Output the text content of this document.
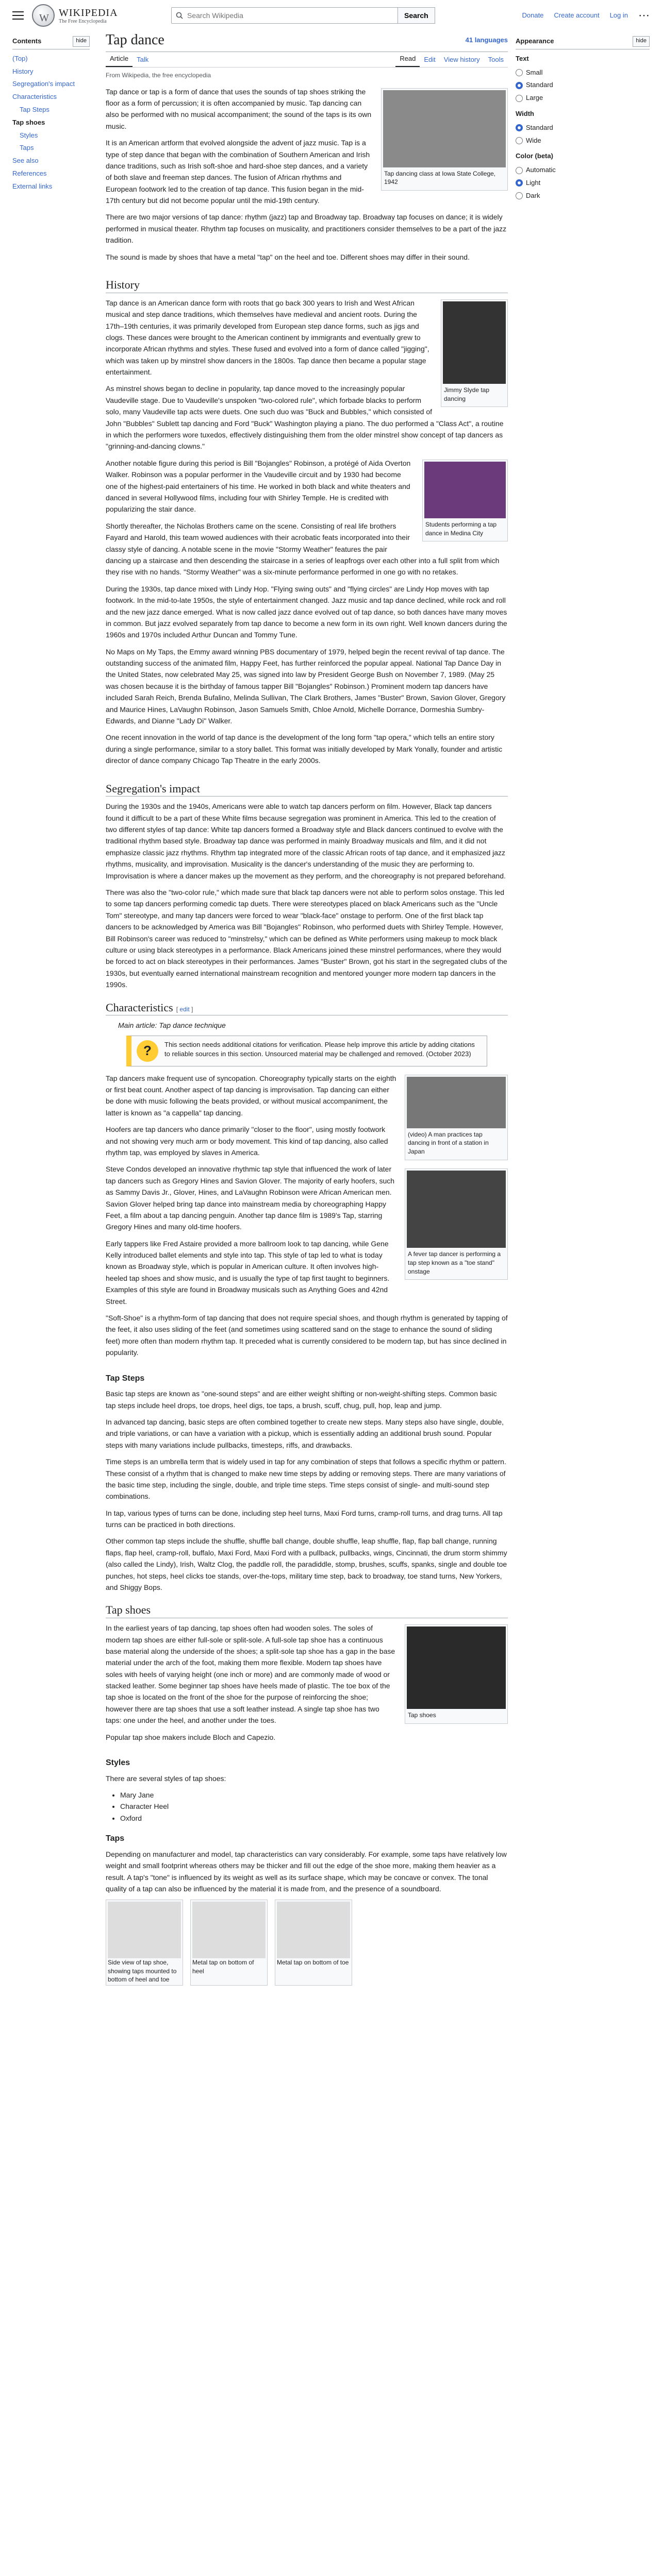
W
WIKIPEDIA
The Free Encyclopedia
Search Wikipedia
Search	Donate Create account Log in ⋯
Contents	hide
(Top)
History
Segregation's impact
Characteristics
Tap Steps
Tap shoes
Styles
Taps
See also
References
External links
Tap dance	41 languages
Article	Talk	Read	Edit	View history	Tools
From Wikipedia, the free encyclopedia
Tap dancing class at Iowa State College, 1942

Tap dance or tap is a form of dance that uses the sounds of tap shoes striking the floor as a form of percussion; it is often accompanied by music. Tap dancing can also be performed with no musical accompaniment; the sound of the taps is its own music.

It is an American artform that evolved alongside the advent of jazz music. Tap is a type of step dance that began with the combination of Southern American and Irish dance traditions, such as Irish soft-shoe and hard-shoe step dances, and a variety of both slave and freeman step dances. The fusion of African rhythms and European footwork led to the creation of tap dance. This fusion began in the mid-17th century but did not become popular until the mid-19th century.

There are two major versions of tap dance: rhythm (jazz) tap and Broadway tap. Broadway tap focuses on dance; it is widely performed in musical theater. Rhythm tap focuses on musicality, and practitioners consider themselves to be a part of the jazz tradition.

The sound is made by shoes that have a metal "tap" on the heel and toe. Different shoes may differ in their sound.

History
Jimmy Slyde tap dancing

Tap dance is an American dance form with roots that go back 300 years to Irish and West African musical and step dance traditions, which themselves have medieval and ancient roots. During the 17th–19th centuries, it was primarily developed from European step dance forms, such as jigs and clogs. These dances were brought to the American continent by immigrants and eventually grew to incorporate African rhythms and styles. These fused and evolved into a form of dance called "jigging", which was taken up by minstrel show dancers in the 1800s. Tap dance then became a popular stage entertainment.

As minstrel shows began to decline in popularity, tap dance moved to the increasingly popular Vaudeville stage. Due to Vaudeville's unspoken "two-colored rule", which forbade blacks to perform solo, many Vaudeville tap acts were duets. One such duo was "Buck and Bubbles," which consisted of John "Bubbles" Sublett tap dancing and Ford "Buck" Washington playing a piano. The duo performed a "Class Act", a routine in which the performers wore tuxedos, effectively distinguishing them from the older minstrel show concept of tap dancers as "grinning-and-dancing clowns."

Students performing a tap dance in Medina City

Another notable figure during this period is Bill "Bojangles" Robinson, a protégé of Aida Overton Walker. Robinson was a popular performer in the Vaudeville circuit and by 1930 had become one of the highest-paid entertainers of his time. He worked in both black and white theaters and danced in several Hollywood films, including four with Shirley Temple. He is credited with popularizing the stair dance.

Shortly thereafter, the Nicholas Brothers came on the scene. Consisting of real life brothers Fayard and Harold, this team wowed audiences with their acrobatic feats incorporated into their classy style of dancing. A notable scene in the movie "Stormy Weather" features the pair dancing up a staircase and then descending the staircase in a series of leapfrogs over each other into a full split from which they rise with no hands. "Stormy Weather" was a six-minute performance performed in one go with no retakes.

During the 1930s, tap dance mixed with Lindy Hop. "Flying swing outs" and "flying circles" are Lindy Hop moves with tap footwork. In the mid-to-late 1950s, the style of entertainment changed. Jazz music and tap dance declined, while rock and roll and the new jazz dance emerged. What is now called jazz dance evolved out of tap dance, so both dances have many moves in common. But jazz evolved separately from tap dance to become a new form in its own right. Well known dancers during the 1960s and 1970s included Arthur Duncan and Tommy Tune.

No Maps on My Taps, the Emmy award winning PBS documentary of 1979, helped begin the recent revival of tap dance. The outstanding success of the animated film, Happy Feet, has further reinforced the popular appeal. National Tap Dance Day in the United States, now celebrated May 25, was signed into law by President George Bush on November 7, 1989. (May 25 was chosen because it is the birthday of famous tapper Bill "Bojangles" Robinson.) Prominent modern tap dancers have included Sarah Reich, Brenda Bufalino, Melinda Sullivan, The Clark Brothers, James "Buster" Brown, Savion Glover, Gregory and Maurice Hines, LaVaughn Robinson, Jason Samuels Smith, Chloe Arnold, Michelle Dorrance, Dormeshia Sumbry-Edwards, and Dianne "Lady Di" Walker.

One recent innovation in the world of tap dance is the development of the long form "tap opera," which tells an entire story during a single performance, similar to a story ballet. This format was initially developed by Mark Yonally, founder and artistic director of dance company Chicago Tap Theatre in the early 2000s.

Segregation's impact

During the 1930s and the 1940s, Americans were able to watch tap dancers perform on film. However, Black tap dancers found it difficult to be a part of these White films because segregation was prominent in America. This led to the creation of two different styles of tap dance: White tap dancers formed a Broadway style and Black dancers continued to evolve with the traditional rhythm based style. Broadway tap dance was performed in mainly Broadway musicals and film, and it did not emphasize classic jazz rhythms. Rhythm tap integrated more of the classic African roots of tap dance, and it emphasized jazz rhythms, musicality, and improvisation. Musicality is the dancer's understanding of the music they are performing to. Improvisation is where a dancer makes up the movement as they perform, and the choreography is not prepared beforehand.

There was also the "two-color rule," which made sure that black tap dancers were not able to perform solos onstage. This led to some tap dancers performing comedic tap duets. There were stereotypes placed on black Americans such as the "Uncle Tom" stereotype, and many tap dancers were forced to wear "black-face" onstage to perform. One of the first black tap dancers to be acknowledged by America was Bill "Bojangles" Robinson, who performed duets with Shirley Temple. However, Bill Robinson's career was reduced to "minstrelsy," which can be defined as White performers using makeup to mock black culture or using black stereotypes in a performance. Black Americans joined these minstrel performances, where they would be forced to act on black stereotypes in their performances. James "Buster" Brown, got his start in the segregated clubs of the 1930s, but eventually earned international mainstream recognition and mentored younger more modern tap dancers in the 1990s.

Characteristics [ edit ]
Main article: Tap dance technique
?	This section needs additional citations for verification. Please help improve this article by adding citations to reliable sources in this section. Unsourced material may be challenged and removed. (October 2023)
(video) A man practices tap dancing in front of a station in Japan

Tap dancers make frequent use of syncopation. Choreography typically starts on the eighth or first beat count. Another aspect of tap dancing is improvisation. Tap dancing can either be done with music following the beats provided, or without musical accompaniment, the latter is known as "a cappella" tap dancing.

Hoofers are tap dancers who dance primarily "closer to the floor", using mostly footwork and not showing very much arm or body movement. This kind of tap dancing, also called rhythm tap, was employed by slaves in America.

A fever tap dancer is performing a tap step known as a "toe stand" onstage

Steve Condos developed an innovative rhythmic tap style that influenced the work of later tap dancers such as Gregory Hines and Savion Glover. The majority of early hoofers, such as Sammy Davis Jr., Glover, Hines, and LaVaughn Robinson were African American men. Savion Glover helped bring tap dance into mainstream media by choreographing Happy Feet, a film about a tap dancing penguin. Another tap dance film is 1989's Tap, starring Gregory Hines and many old-time hoofers.

Early tappers like Fred Astaire provided a more ballroom look to tap dancing, while Gene Kelly introduced ballet elements and style into tap. This style of tap led to what is today known as Broadway style, which is popular in American culture. It often involves high-heeled tap shoes and show music, and is usually the type of tap first taught to beginners. Examples of this style are found in Broadway musicals such as Anything Goes and 42nd Street.

"Soft-Shoe" is a rhythm-form of tap dancing that does not require special shoes, and though rhythm is generated by tapping of the feet, it also uses sliding of the feet (and sometimes using scattered sand on the stage to enhance the sound of sliding feet) more often than modern rhythm tap. It preceded what is currently considered to be modern tap, but has since declined in popularity.

Tap Steps

Basic tap steps are known as "one-sound steps" and are either weight shifting or non-weight-shifting steps. Common basic tap steps include heel drops, toe drops, heel digs, toe taps, a brush, scuff, chug, pull, hop, leap and jump.

In advanced tap dancing, basic steps are often combined together to create new steps. Many steps also have single, double, and triple variations, or can have a variation with a pickup, which is essentially adding an additional brush sound. Popular steps with many variations include pullbacks, timesteps, riffs, and drawbacks.

Time steps is an umbrella term that is widely used in tap for any combination of steps that follows a specific rhythm or pattern. These consist of a rhythm that is changed to make new time steps by adding or removing steps. There are many variations of the basic time step, including the single, double, and triple time steps. Time steps consist of single- and multi-sound step combinations.

In tap, various types of turns can be done, including step heel turns, Maxi Ford turns, cramp-roll turns, and drag turns. All tap turns can be practiced in both directions.

Other common tap steps include the shuffle, shuffle ball change, double shuffle, leap shuffle, flap, flap ball change, running flaps, flap heel, cramp-roll, buffalo, Maxi Ford, Maxi Ford with a pullback, pullbacks, wings, Cincinnati, the drum storm shimmy (also called the Lindy), Irish, Waltz Clog, the paddle roll, the paradiddle, stomp, brushes, scuffs, spanks, single and double toe punches, hot steps, heel clicks toe stands, over-the-tops, military time step, back to broadway, toe stand turns, New Yorkers, and Shiggy Bops.

Tap shoes
Tap shoes

In the earliest years of tap dancing, tap shoes often had wooden soles. The soles of modern tap shoes are either full-sole or split-sole. A full-sole tap shoe has a continuous base material along the underside of the shoes; a split-sole tap shoe has a gap in the base material under the arch of the foot, making them more flexible. Modern tap shoes have soles with heels of varying height (one inch or more) and are commonly made of wood or stacked leather. Some beginner tap shoes have heels made of plastic. The toe box of the tap shoe is located on the front of the shoe for the purpose of reinforcing the shoe; however there are tap shoes that use a soft leather instead. A single tap shoe has two taps: one under the heel, and another under the toes.

Popular tap shoe makers include Bloch and Capezio.

Styles

There are several styles of tap shoes:

• Mary Jane
• Character Heel
• Oxford
Taps

Depending on manufacturer and model, tap characteristics can vary considerably. For example, some taps have relatively low weight and small footprint whereas others may be thicker and fill out the edge of the shoe more, making them heavier as a result. A tap's "tone" is influenced by its weight as well as its surface shape, which may be concave or convex. The tonal quality of a tap can also be influenced by the material it is made from, and the presence of a soundboard.

Side view of tap shoe, showing taps mounted to bottom of heel and toe
Metal tap on bottom of heel
Metal tap on bottom of toe
Appearance	hide
Text
Small
Standard
Large
Width
Standard
Wide
Color (beta)
Automatic
Light
Dark
